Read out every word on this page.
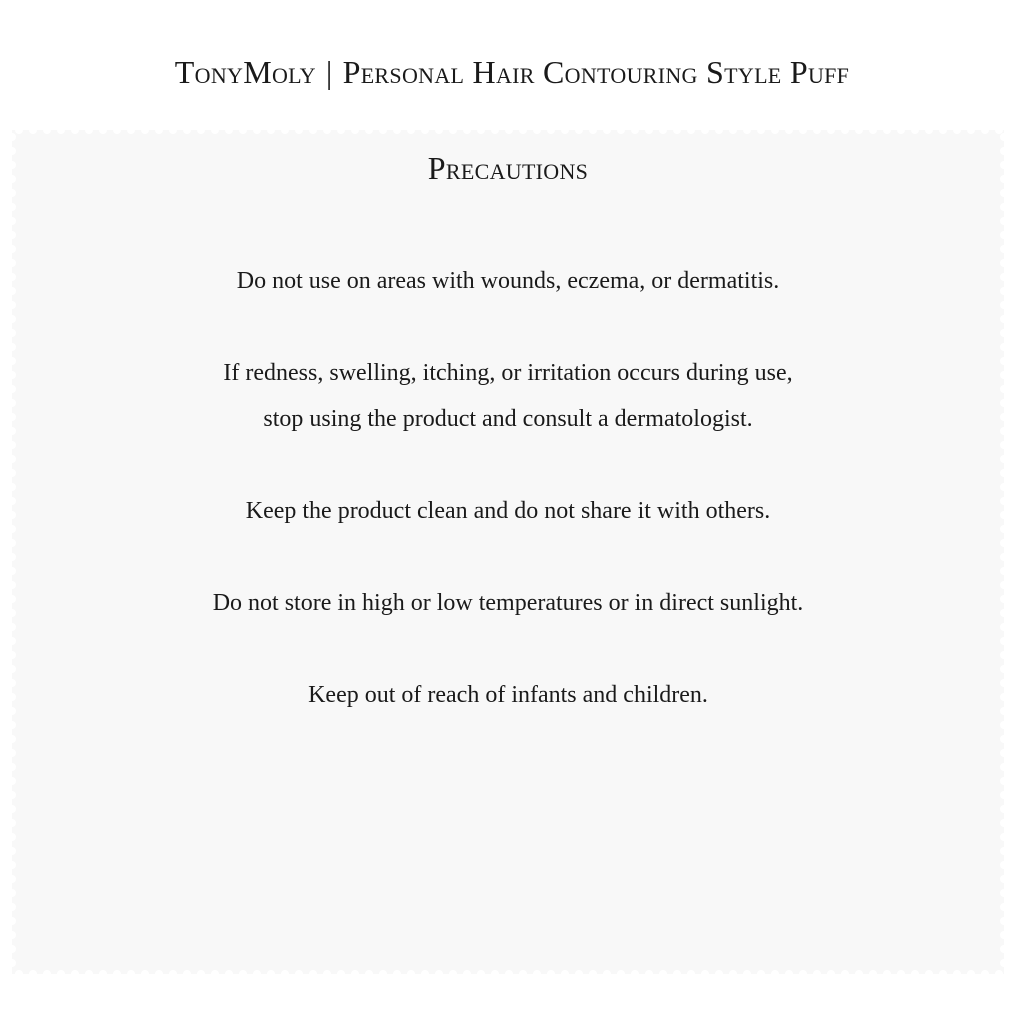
TonyMoly | Personal Hair Contouring Style Puff
Precautions
Do not use on areas with wounds, eczema, or dermatitis.
If redness, swelling, itching, or irritation occurs during use,
stop using the product and consult a dermatologist.
Keep the product clean and do not share it with others.
Do not store in high or low temperatures or in direct sunlight.
Keep out of reach of infants and children.
